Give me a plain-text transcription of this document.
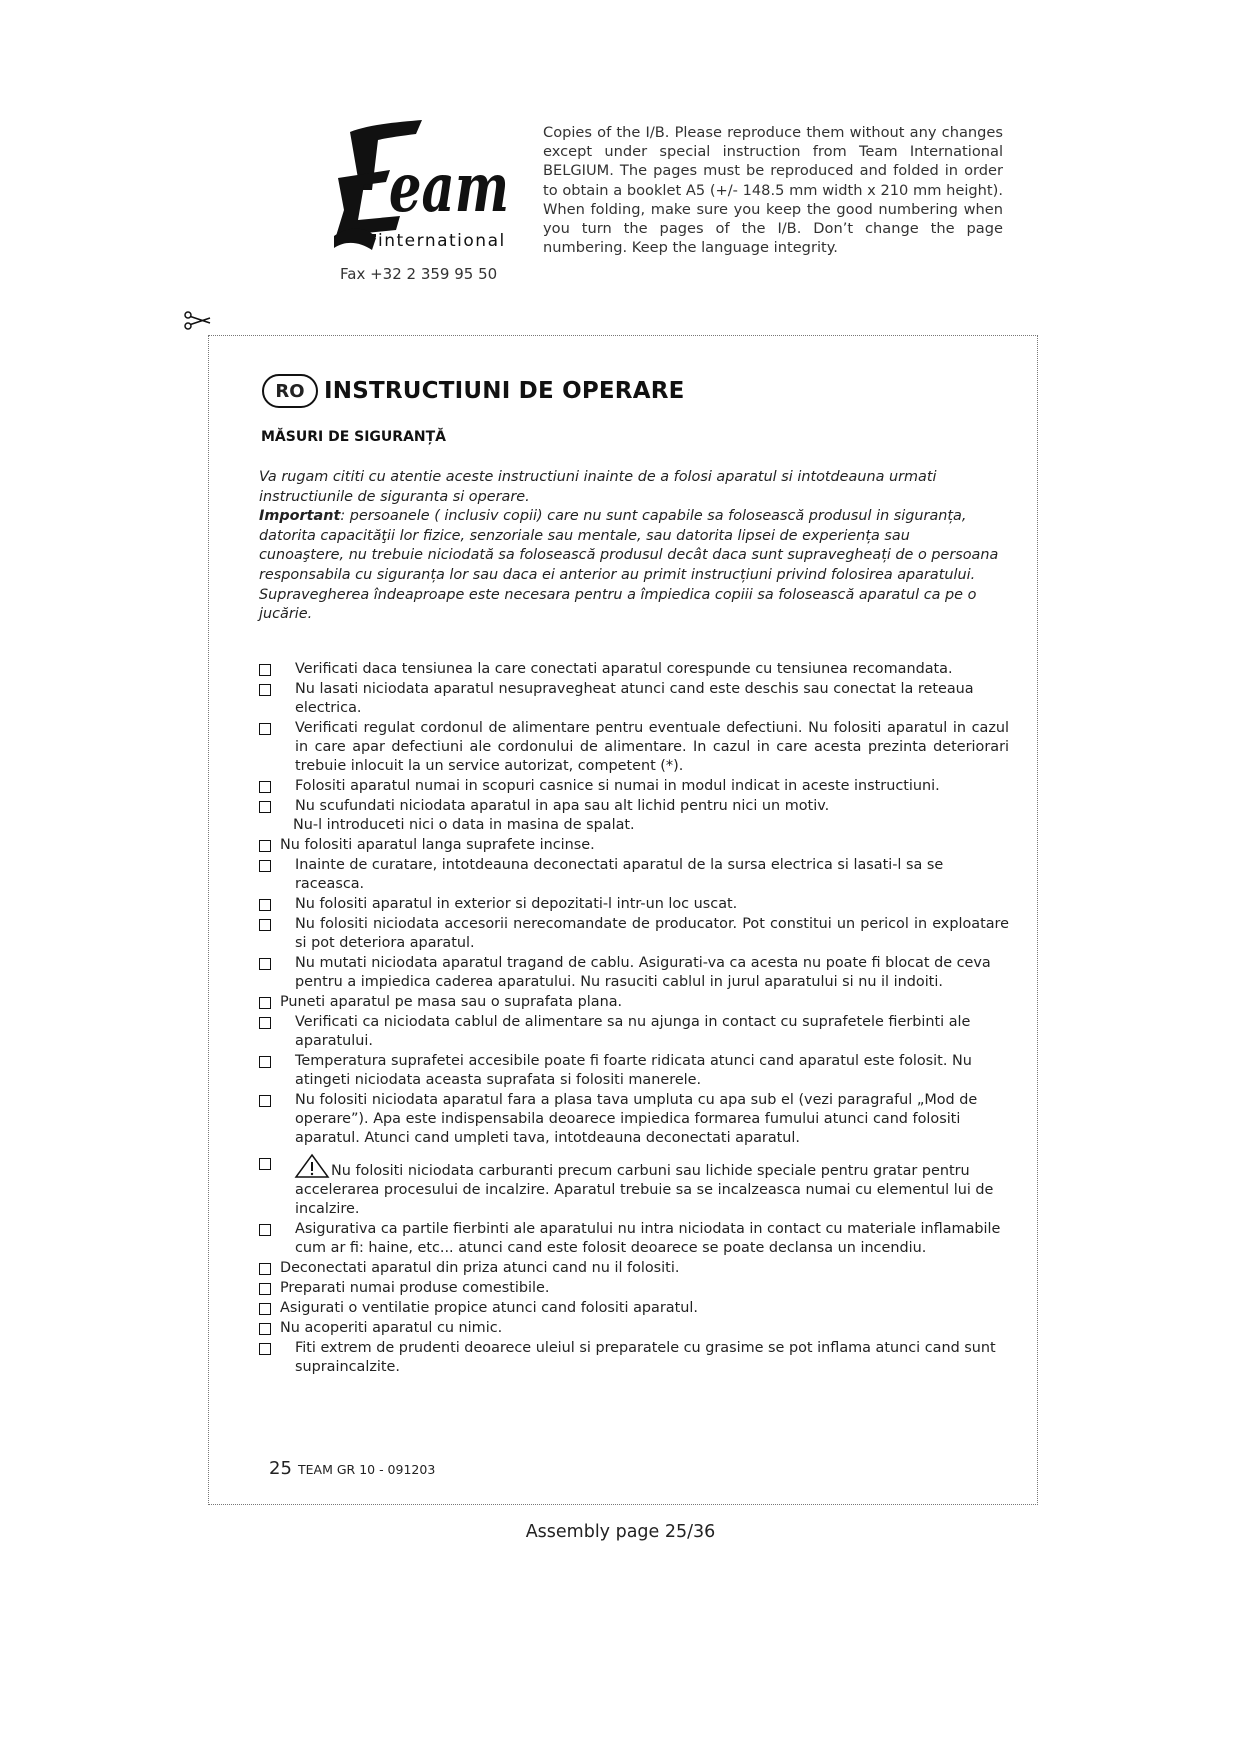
eam
international
Fax +32 2 359 95 50
Copies of the I/B. Please reproduce them without any changes except under special instruction from Team International BELGIUM. The pages must be reproduced and folded in order to obtain a booklet A5 (+/- 148.5 mm width x 210 mm height). When folding, make sure you keep the good numbering when you turn the pages of the I/B. Don’t change the page numbering. Keep the language integrity.
RO INSTRUCTIUNI DE OPERARE
MĂSURI DE SIGURANȚĂ

Va rugam cititi cu atentie aceste instructiuni inainte de a folosi aparatul si intotdeauna urmati instructiunile de siguranta si operare.

Important: persoanele ( inclusiv copii) care nu sunt capabile sa folosească produsul in siguranța, datorita capacităţii lor fizice, senzoriale sau mentale, sau datorita lipsei de experiența sau cunoaştere, nu trebuie niciodată sa folosească produsul decât daca sunt supravegheați de o persoana responsabila cu siguranța lor sau daca ei anterior au primit instrucțiuni privind folosirea aparatului.

Supravegherea îndeaproape este necesara pentru a împiedica copiii sa folosească aparatul ca pe o jucărie.

Verificati daca tensiunea la care conectati aparatul corespunde cu tensiunea recomandata.
Nu lasati niciodata aparatul nesupravegheat atunci cand este deschis sau conectat la reteaua electrica.
Verificati regulat cordonul de alimentare pentru eventuale defectiuni. Nu folositi aparatul in cazul in care apar defectiuni ale cordonului de alimentare. In cazul in care acesta prezinta deteriorari trebuie inlocuit la un service autorizat, competent (*).
Folositi aparatul numai in scopuri casnice si numai in modul indicat in aceste instructiuni.
Nu scufundati niciodata aparatul in apa sau alt lichid pentru nici un motiv.
Nu-l introduceti nici o data in masina de spalat.
Nu folositi aparatul langa suprafete incinse.
Inainte de curatare, intotdeauna deconectati aparatul de la sursa electrica si lasati-l sa se raceasca.
Nu folositi aparatul in exterior si depozitati-l intr-un loc uscat.
Nu folositi niciodata accesorii nerecomandate de producator. Pot constitui un pericol in exploatare si pot deteriora aparatul.
Nu mutati niciodata aparatul tragand de cablu. Asigurati-va ca acesta nu poate fi blocat de ceva pentru a impiedica caderea aparatului. Nu rasuciti cablul in jurul aparatului si nu il indoiti.
Puneti aparatul pe masa sau o suprafata plana.
Verificati ca niciodata cablul de alimentare sa nu ajunga in contact cu suprafetele fierbinti ale aparatului.
Temperatura suprafetei accesibile poate fi foarte ridicata atunci cand aparatul este folosit. Nu atingeti niciodata aceasta suprafata si folositi manerele.
Nu folositi niciodata aparatul fara a plasa tava umpluta cu apa sub el (vezi paragraful „Mod de operare”). Apa este indispensabila deoarece impiedica formarea fumului atunci cand folositi aparatul. Atunci cand umpleti tava, intotdeauna deconectati aparatul.
Nu folositi niciodata carburanti precum carbuni sau lichide speciale pentru gratar pentru accelerarea procesului de incalzire. Aparatul trebuie sa se incalzeasca numai cu elementul lui de incalzire.
Asigurativa ca partile fierbinti ale aparatului nu intra niciodata in contact cu materiale inflamabile cum ar fi: haine, etc... atunci cand este folosit deoarece se poate declansa un incendiu.
Deconectati aparatul din priza atunci cand nu il folositi.
Preparati numai produse comestibile.
Asigurati o ventilatie propice atunci cand folositi aparatul.
Nu acoperiti aparatul cu nimic.
Fiti extrem de prudenti deoarece uleiul si preparatele cu grasime se pot inflama atunci cand sunt supraincalzite.
25 TEAM GR 10 - 091203
Assembly page 25/36
